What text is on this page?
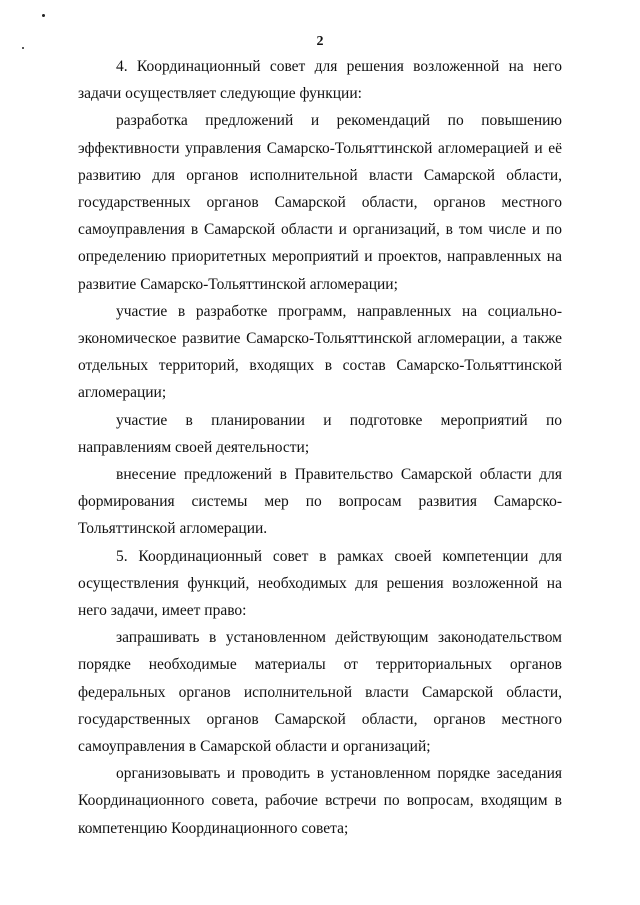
2

4. Координационный совет для решения возложенной на него задачи осуществляет следующие функции:

разработка предложений и рекомендаций по повышению эффективности управления Самарско-Тольяттинской агломерацией и её развитию для органов исполнительной власти Самарской области, государственных органов Самарской области, органов местного самоуправления в Самарской области и организаций, в том числе и по определению приоритетных мероприятий и проектов, направленных на развитие Самарско-Тольяттинской агломерации;

участие в разработке программ, направленных на социально-экономическое развитие Самарско-Тольяттинской агломерации, а также отдельных территорий, входящих в состав Самарско-Тольяттинской агломерации;

участие в планировании и подготовке мероприятий по направлениям своей деятельности;

внесение предложений в Правительство Самарской области для формирования системы мер по вопросам развития Самарско-Тольяттинской агломерации.

5. Координационный совет в рамках своей компетенции для осуществления функций, необходимых для решения возложенной на него задачи, имеет право:

запрашивать в установленном действующим законодательством порядке необходимые материалы от территориальных органов федеральных органов исполнительной власти Самарской области, государственных органов Самарской области, органов местного самоуправления в Самарской области и организаций;

организовывать и проводить в установленном порядке заседания Координационного совета, рабочие встречи по вопросам, входящим в компетенцию Координационного совета;
